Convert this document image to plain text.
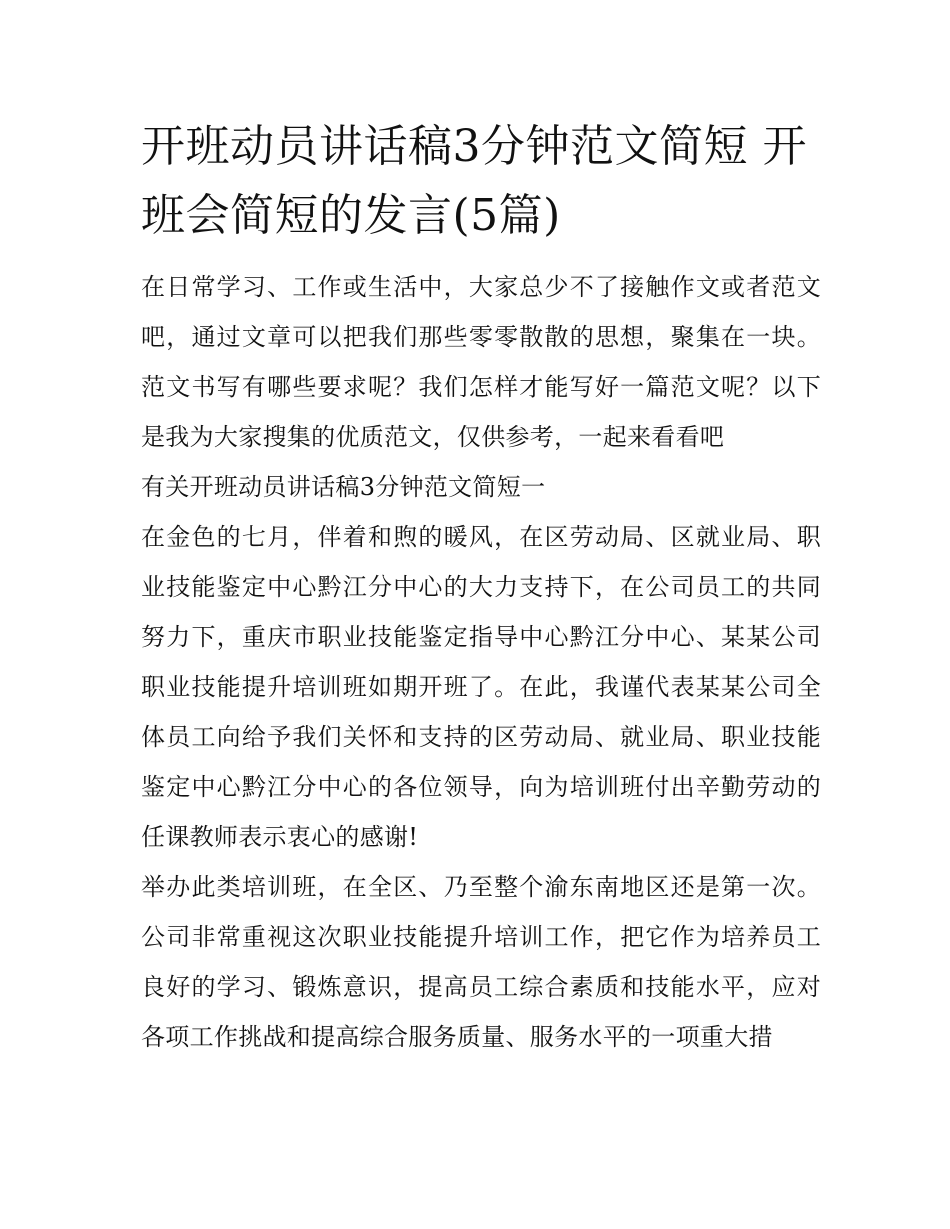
开班动员讲话稿3分钟范文简短 开班会简短的发言(5篇)

在日常学习、工作或生活中，大家总少不了接触作文或者范文吧，通过文章可以把我们那些零零散散的思想，聚集在一块。范文书写有哪些要求呢？我们怎样才能写好一篇范文呢？以下是我为大家搜集的优质范文，仅供参考，一起来看看吧

有关开班动员讲话稿3分钟范文简短一

在金色的七月，伴着和煦的暖风，在区劳动局、区就业局、职业技能鉴定中心黔江分中心的大力支持下，在公司员工的共同努力下，重庆市职业技能鉴定指导中心黔江分中心、某某公司职业技能提升培训班如期开班了。在此，我谨代表某某公司全体员工向给予我们关怀和支持的区劳动局、就业局、职业技能鉴定中心黔江分中心的各位领导，向为培训班付出辛勤劳动的任课教师表示衷心的感谢!

举办此类培训班，在全区、乃至整个渝东南地区还是第一次。公司非常重视这次职业技能提升培训工作，把它作为培养员工良好的学习、锻炼意识，提高员工综合素质和技能水平，应对各项工作挑战和提高综合服务质量、服务水平的一项重大措
